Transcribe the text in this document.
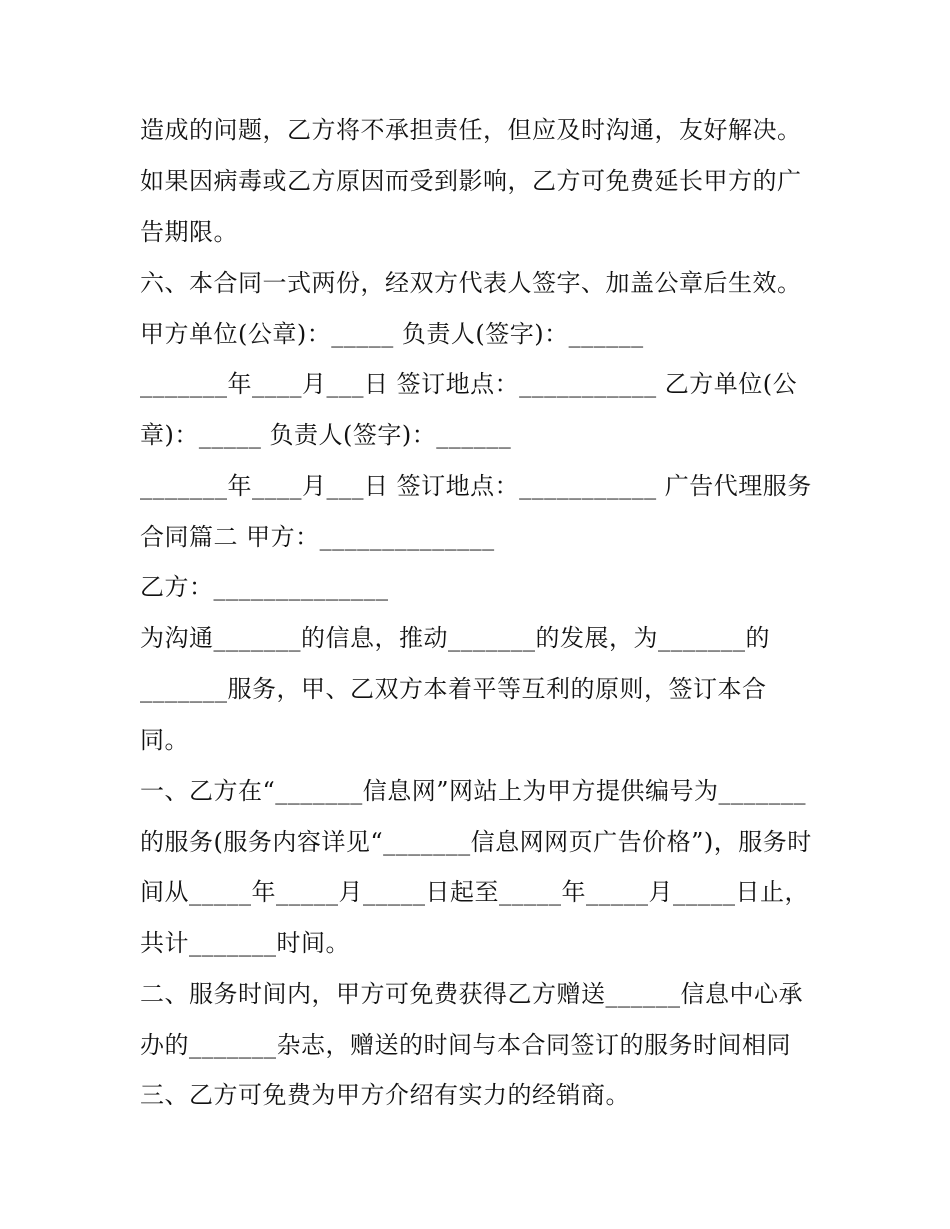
造成的问题，乙方将不承担责任，但应及时沟通，友好解决。
如果因病毒或乙方原因而受到影响，乙方可免费延长甲方的广
告期限。
六、本合同一式两份，经双方代表人签字、加盖公章后生效。
甲方单位(公章)：_____ 负责人(签字)：______
_______年____月___日 签订地点：___________ 乙方单位(公
章)：_____ 负责人(签字)：______
_______年____月___日 签订地点：___________ 广告代理服务
合同篇二 甲方：______________
乙方：______________
为沟通_______的信息，推动_______的发展，为_______的
_______服务，甲、乙双方本着平等互利的原则，签订本合
同。
一、乙方在“_______信息网”网站上为甲方提供编号为_______
的服务(服务内容详见“_______信息网网页广告价格”)，服务时
间从_____年_____月_____日起至_____年_____月_____日止，
共计_______时间。
二、服务时间内，甲方可免费获得乙方赠送______信息中心承
办的_______杂志，赠送的时间与本合同签订的服务时间相同
三、乙方可免费为甲方介绍有实力的经销商。
